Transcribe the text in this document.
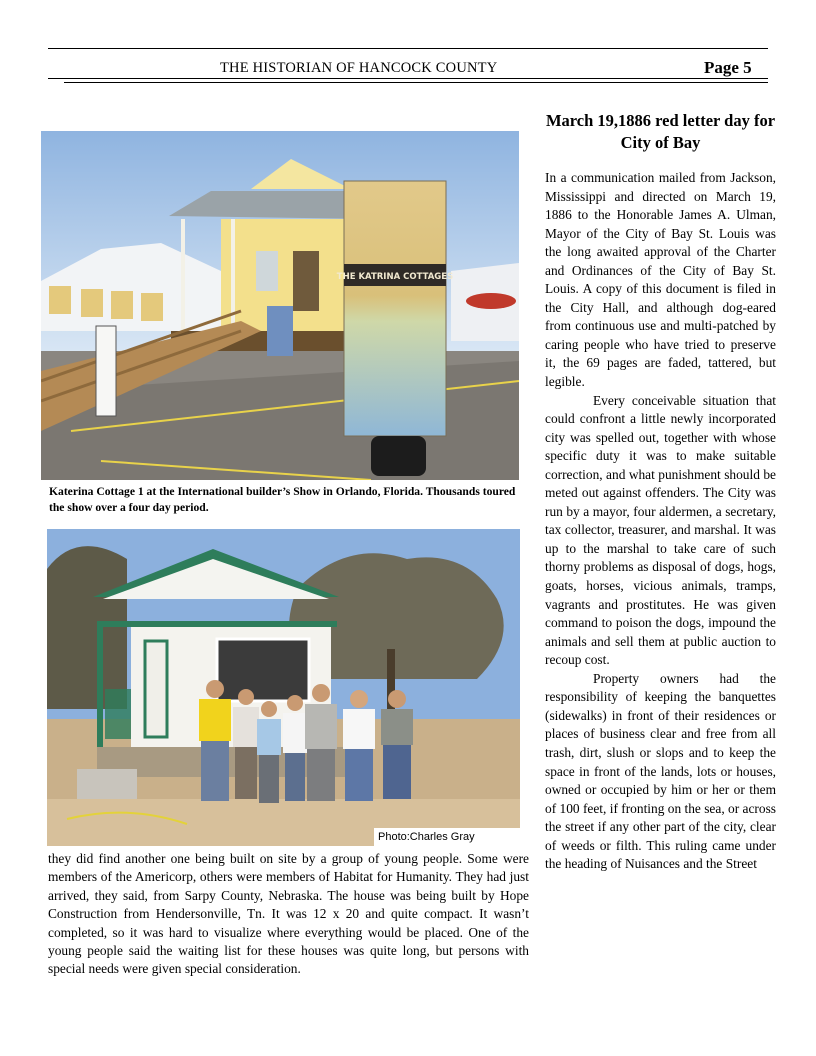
THE HISTORIAN OF HANCOCK COUNTY	Page 5
THE KATRINA COTTAGES
Katerina Cottage 1 at the International builder’s Show in Orlando, Florida. Thousands toured the show over a four day period.
Photo:Charles Gray
they did find another one being built on site by a group of young people. Some were members of the Americorp, others were members of Habitat for Humanity. They had just arrived, they said, from Sarpy County, Nebraska. The house was being built by Hope Construction from Hendersonville, Tn. It was 12 x 20 and quite compact. It wasn’t completed, so it was hard to visualize where everything would be placed. One of the young people said the waiting list for these houses was quite long, but persons with special needs were given special consideration.
March 19,1886 red letter day for City of Bay

In a communication mailed from Jackson, Mississippi and directed on March 19, 1886 to the Honorable James A. Ulman, Mayor of the City of Bay St. Louis was the long awaited approval of the Charter and Ordinances of the City of Bay St. Louis. A copy of this document is filed in the City Hall, and although dog-eared from continuous use and multi-patched by caring people who have tried to preserve it, the 69 pages are faded, tattered, but legible.

Every conceivable situation that could confront a little newly incorporated city was spelled out, together with whose specific duty it was to make suitable correction, and what punishment should be meted out against offenders. The City was run by a mayor, four aldermen, a secretary, tax collector, treasurer, and marshal. It was up to the marshal to take care of such thorny problems as disposal of dogs, hogs, goats, horses, vicious animals, tramps, vagrants and prostitutes. He was given command to poison the dogs, impound the animals and sell them at public auction to recoup cost.

Property owners had the responsibility of keeping the banquettes (sidewalks) in front of their residences or places of business clear and free from all trash, dirt, slush or slops and to keep the space in front of the lands, lots or houses, owned or occupied by him or her or them of 100 feet, if fronting on the sea, or across the street if any other part of the city, clear of weeds or filth. This ruling came under the heading of Nuisances and the Street
